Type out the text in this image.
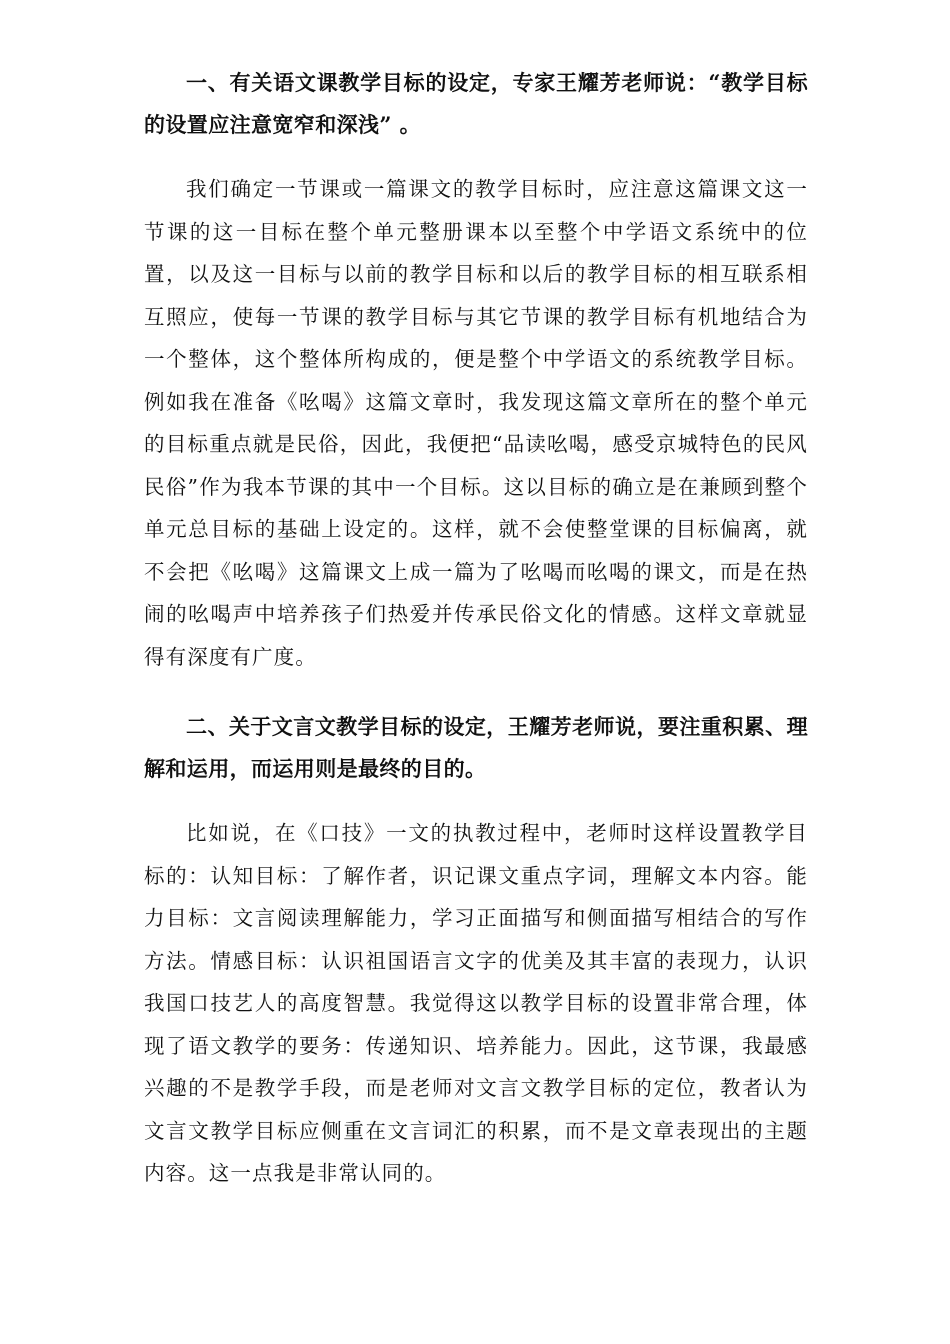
一、有关语文课教学目标的设定，专家王耀芳老师说：“教学目标的设置应注意宽窄和深浅” 。

我们确定一节课或一篇课文的教学目标时，应注意这篇课文这一节课的这一目标在整个单元整册课本以至整个中学语文系统中的位置，以及这一目标与以前的教学目标和以后的教学目标的相互联系相互照应，使每一节课的教学目标与其它节课的教学目标有机地结合为一个整体，这个整体所构成的，便是整个中学语文的系统教学目标。例如我在准备《吆喝》这篇文章时，我发现这篇文章所在的整个单元的目标重点就是民俗，因此，我便把“品读吆喝，感受京城特色的民风民俗”作为我本节课的其中一个目标。这以目标的确立是在兼顾到整个单元总目标的基础上设定的。这样，就不会使整堂课的目标偏离，就不会把《吆喝》这篇课文上成一篇为了吆喝而吆喝的课文，而是在热闹的吆喝声中培养孩子们热爱并传承民俗文化的情感。这样文章就显得有深度有广度。

二、关于文言文教学目标的设定，王耀芳老师说，要注重积累、理解和运用，而运用则是最终的目的。

比如说，在《口技》一文的执教过程中，老师时这样设置教学目标的：认知目标：了解作者，识记课文重点字词，理解文本内容。能力目标：文言阅读理解能力，学习正面描写和侧面描写相结合的写作方法。情感目标：认识祖国语言文字的优美及其丰富的表现力，认识我国口技艺人的高度智慧。我觉得这以教学目标的设置非常合理，体现了语文教学的要务：传递知识、培养能力。因此，这节课，我最感兴趣的不是教学手段，而是老师对文言文教学目标的定位，教者认为文言文教学目标应侧重在文言词汇的积累，而不是文章表现出的主题内容。这一点我是非常认同的。
